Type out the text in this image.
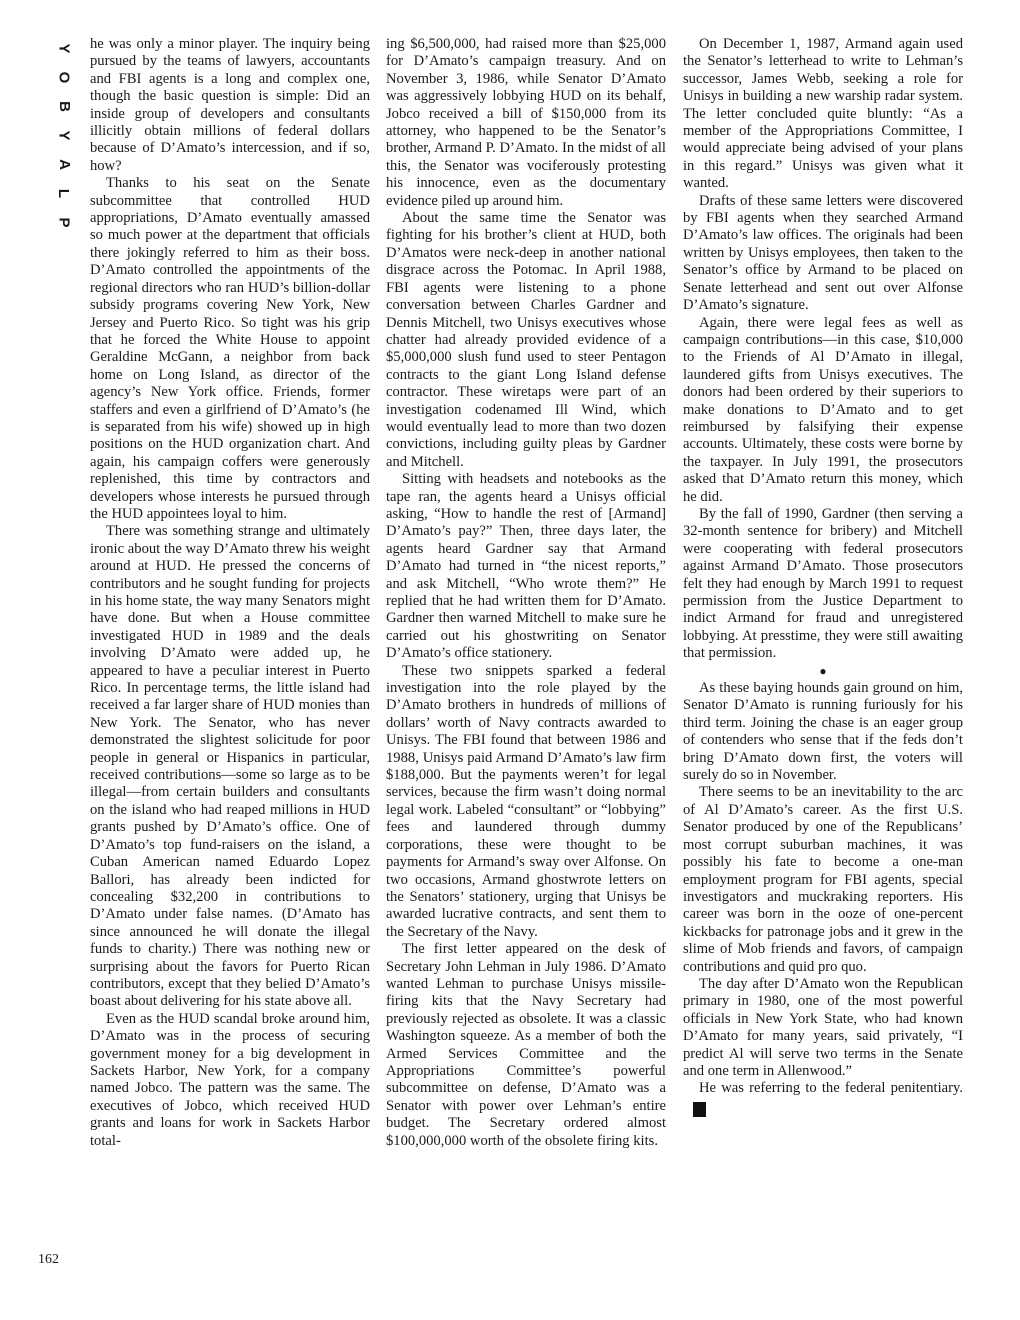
Y
O
B
Y
A
L
P
162

he was only a minor player. The inquiry being pursued by the teams of lawyers, accountants and FBI agents is a long and complex one, though the basic question is simple: Did an inside group of developers and consultants illicitly obtain millions of federal dollars because of D’Amato’s intercession, and if so, how?

Thanks to his seat on the Senate subcommittee that controlled HUD appropriations, D’Amato eventually amassed so much power at the department that officials there jokingly referred to him as their boss. D’Amato controlled the appointments of the regional directors who ran HUD’s billion-dollar subsidy programs covering New York, New Jersey and Puerto Rico. So tight was his grip that he forced the White House to appoint Geraldine McGann, a neighbor from back home on Long Island, as director of the agency’s New York office. Friends, former staffers and even a girlfriend of D’Amato’s (he is separated from his wife) showed up in high positions on the HUD organization chart. And again, his campaign coffers were generously replenished, this time by contractors and developers whose interests he pursued through the HUD appointees loyal to him.

There was something strange and ultimately ironic about the way D’Amato threw his weight around at HUD. He pressed the concerns of contributors and he sought funding for projects in his home state, the way many Senators might have done. But when a House committee investigated HUD in 1989 and the deals involving D’Amato were added up, he appeared to have a peculiar interest in Puerto Rico. In percentage terms, the little island had received a far larger share of HUD monies than New York. The Senator, who has never demonstrated the slightest solicitude for poor people in general or Hispanics in particular, received contributions—some so large as to be illegal—from certain builders and consultants on the island who had reaped millions in HUD grants pushed by D’Amato’s office. One of D’Amato’s top fund-raisers on the island, a Cuban American named Eduardo Lopez Ballori, has already been indicted for concealing $32,200 in contributions to D’Amato under false names. (D’Amato has since announced he will donate the illegal funds to charity.) There was nothing new or surprising about the favors for Puerto Rican contributors, except that they belied D’Amato’s boast about delivering for his state above all.

Even as the HUD scandal broke around him, D’Amato was in the process of securing government money for a big development in Sackets Harbor, New York, for a company named Jobco. The pattern was the same. The executives of Jobco, which received HUD grants and loans for work in Sackets Harbor total-

ing $6,500,000, had raised more than $25,000 for D’Amato’s campaign treasury. And on November 3, 1986, while Senator D’Amato was aggressively lobbying HUD on its behalf, Jobco received a bill of $150,000 from its attorney, who happened to be the Senator’s brother, Armand P. D’Amato. In the midst of all this, the Senator was vociferously protesting his innocence, even as the documentary evidence piled up around him.

About the same time the Senator was fighting for his brother’s client at HUD, both D’Amatos were neck-deep in another national disgrace across the Potomac. In April 1988, FBI agents were listening to a phone conversation between Charles Gardner and Dennis Mitchell, two Unisys executives whose chatter had already provided evidence of a $5,000,000 slush fund used to steer Pentagon contracts to the giant Long Island defense contractor. These wiretaps were part of an investigation codenamed Ill Wind, which would eventually lead to more than two dozen convictions, including guilty pleas by Gardner and Mitchell.

Sitting with headsets and notebooks as the tape ran, the agents heard a Unisys official asking, “How to handle the rest of [Armand] D’Amato’s pay?” Then, three days later, the agents heard Gardner say that Armand D’Amato had turned in “the nicest reports,” and ask Mitchell, “Who wrote them?” He replied that he had written them for D’Amato. Gardner then warned Mitchell to make sure he carried out his ghostwriting on Senator D’Amato’s office stationery.

These two snippets sparked a federal investigation into the role played by the D’Amato brothers in hundreds of millions of dollars’ worth of Navy contracts awarded to Unisys. The FBI found that between 1986 and 1988, Unisys paid Armand D’Amato’s law firm $188,000. But the payments weren’t for legal services, because the firm wasn’t doing normal legal work. Labeled “consultant” or “lobbying” fees and laundered through dummy corporations, these were thought to be payments for Armand’s sway over Alfonse. On two occasions, Armand ghostwrote letters on the Senators’ stationery, urging that Unisys be awarded lucrative contracts, and sent them to the Secretary of the Navy.

The first letter appeared on the desk of Secretary John Lehman in July 1986. D’Amato wanted Lehman to purchase Unisys missile-firing kits that the Navy Secretary had previously rejected as obsolete. It was a classic Washington squeeze. As a member of both the Armed Services Committee and the Appropriations Committee’s powerful subcommittee on defense, D’Amato was a Senator with power over Lehman’s entire budget. The Secretary ordered almost $100,000,000 worth of the obsolete firing kits.

On December 1, 1987, Armand again used the Senator’s letterhead to write to Lehman’s successor, James Webb, seeking a role for Unisys in building a new warship radar system. The letter concluded quite bluntly: “As a member of the Appropriations Committee, I would appreciate being advised of your plans in this regard.” Unisys was given what it wanted.

Drafts of these same letters were discovered by FBI agents when they searched Armand D’Amato’s law offices. The originals had been written by Unisys employees, then taken to the Senator’s office by Armand to be placed on Senate letterhead and sent out over Alfonse D’Amato’s signature.

Again, there were legal fees as well as campaign contributions—in this case, $10,000 to the Friends of Al D’Amato in illegal, laundered gifts from Unisys executives. The donors had been ordered by their superiors to make donations to D’Amato and to get reimbursed by falsifying their expense accounts. Ultimately, these costs were borne by the taxpayer. In July 1991, the prosecutors asked that D’Amato return this money, which he did.

By the fall of 1990, Gardner (then serving a 32-month sentence for bribery) and Mitchell were cooperating with federal prosecutors against Armand D’Amato. Those prosecutors felt they had enough by March 1991 to request permission from the Justice Department to indict Armand for fraud and unregistered lobbying. At presstime, they were still awaiting that permission.

●

As these baying hounds gain ground on him, Senator D’Amato is running furiously for his third term. Joining the chase is an eager group of contenders who sense that if the feds don’t bring D’Amato down first, the voters will surely do so in November.

There seems to be an inevitability to the arc of Al D’Amato’s career. As the first U.S. Senator produced by one of the Republicans’ most corrupt suburban machines, it was possibly his fate to become a one-man employment program for FBI agents, special investigators and muckraking reporters. His career was born in the ooze of one-percent kickbacks for patronage jobs and it grew in the slime of Mob friends and favors, of campaign contributions and quid pro quo.

The day after D’Amato won the Republican primary in 1980, one of the most powerful officials in New York State, who had known D’Amato for many years, said privately, “I predict Al will serve two terms in the Senate and one term in Allenwood.”

He was referring to the federal penitentiary.Y
